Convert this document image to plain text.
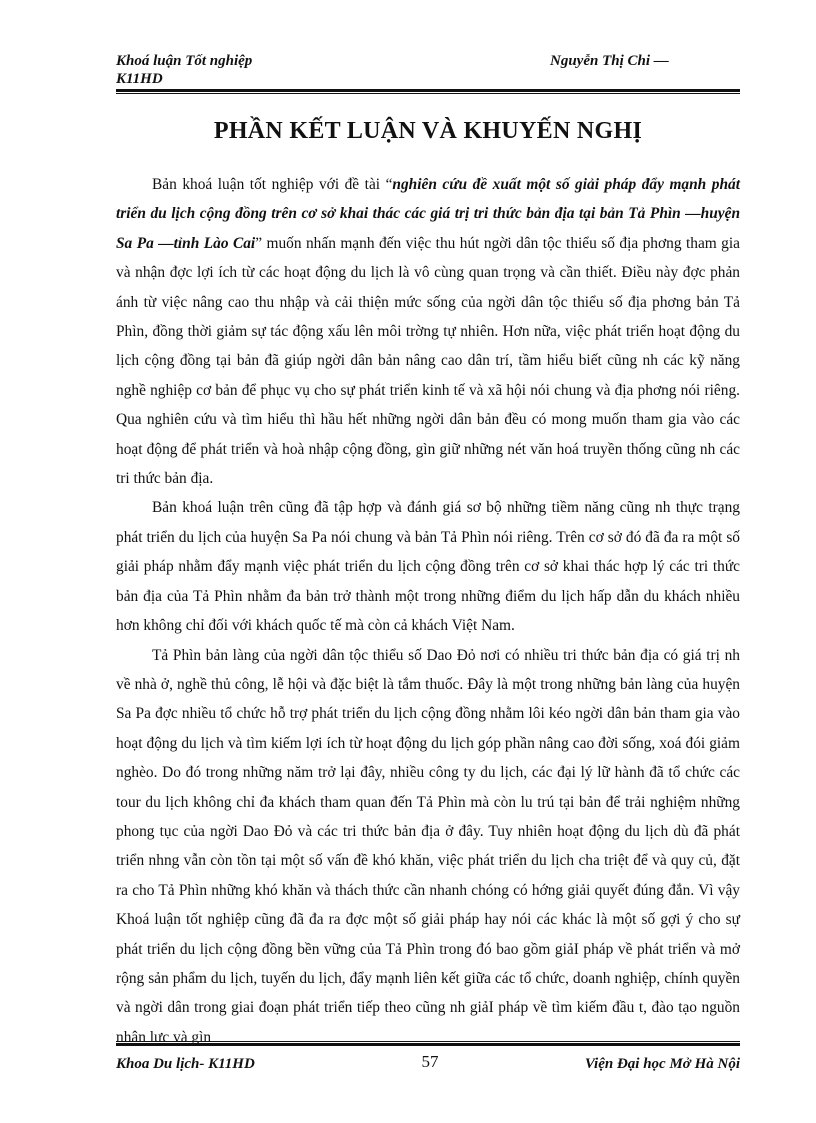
Khoá luận Tốt nghiệp
K11HD
Nguyễn Thị Chi —
PHẦN KẾT LUẬN VÀ KHUYẾN NGHỊ

Bản khoá luận tốt nghiệp với đề tài “nghiên cứu đề xuất một số giải pháp đẩy mạnh phát triển du lịch cộng đồng trên cơ sở khai thác các giá trị tri thức bản địa tại bản Tả Phìn —huyện Sa Pa —tỉnh Lào Cai” muốn nhấn mạnh đến việc thu hút ngời dân tộc thiểu số địa phơng tham gia và nhận đợc lợi ích từ các hoạt động du lịch là vô cùng quan trọng và cần thiết. Điều này đợc phản ánh từ việc nâng cao thu nhập và cải thiện mức sống của ngời dân tộc thiểu số địa phơng bản Tả Phìn, đồng thời giảm sự tác động xấu lên môi trờng tự nhiên. Hơn nữa, việc phát triển hoạt động du lịch cộng đồng tại bản đã giúp ngời dân bản nâng cao dân trí, tầm hiểu biết cũng nh các kỹ năng nghề nghiệp cơ bản để phục vụ cho sự phát triển kinh tế và xã hội nói chung và địa phơng nói riêng. Qua nghiên cứu và tìm hiểu thì hầu hết những ngời dân bản đều có mong muốn tham gia vào các hoạt động để phát triển và hoà nhập cộng đồng, gìn giữ những nét văn hoá truyền thống cũng nh các tri thức bản địa.

Bản khoá luận trên cũng đã tập hợp và đánh giá sơ bộ những tiềm năng cũng nh thực trạng phát triển du lịch của huyện Sa Pa nói chung và bản Tả Phìn nói riêng. Trên cơ sở đó đã đa ra một số giải pháp nhằm đẩy mạnh việc phát triển du lịch cộng đồng trên cơ sở khai thác hợp lý các tri thức bản địa của Tả Phìn nhằm đa bản trở thành một trong những điểm du lịch hấp dẫn du khách nhiều hơn không chỉ đối với khách quốc tế mà còn cả khách Việt Nam.

Tả Phìn bản làng của ngời dân tộc thiểu số Dao Đỏ nơi có nhiều tri thức bản địa có giá trị nh về nhà ở, nghề thủ công, lễ hội và đặc biệt là tắm thuốc. Đây là một trong những bản làng của huyện Sa Pa đợc nhiều tổ chức hỗ trợ phát triển du lịch cộng đồng nhằm lôi kéo ngời dân bản tham gia vào hoạt động du lịch và tìm kiếm lợi ích từ hoạt động du lịch góp phần nâng cao đời sống, xoá đói giảm nghèo. Do đó trong những năm trở lại đây, nhiều công ty du lịch, các đại lý lữ hành đã tổ chức các tour du lịch không chỉ đa khách tham quan đến Tả Phìn mà còn lu trú tại bản để trải nghiệm những phong tục của ngời Dao Đỏ và các tri thức bản địa ở đây. Tuy nhiên hoạt động du lịch dù đã phát triển nhng vẫn còn tồn tại một số vấn đề khó khăn, việc phát triển du lịch cha triệt để và quy củ, đặt ra cho Tả Phìn những khó khăn và thách thức cần nhanh chóng có hớng giải quyết đúng đắn. Vì vậy Khoá luận tốt nghiệp cũng đã đa ra đợc một số giải pháp hay nói các khác là một số gợi ý cho sự phát triển du lịch cộng đồng bền vững của Tả Phìn trong đó bao gồm giảI pháp về phát triển và mở rộng sản phẩm du lịch, tuyến du lịch, đẩy mạnh liên kết giữa các tổ chức, doanh nghiệp, chính quyền và ngời dân trong giai đoạn phát triển tiếp theo cũng nh giảI pháp về tìm kiếm đầu t, đào tạo nguồn nhân lực và gìn

Khoa Du lịch- K11HD	57	Viện Đại học Mở Hà Nội
